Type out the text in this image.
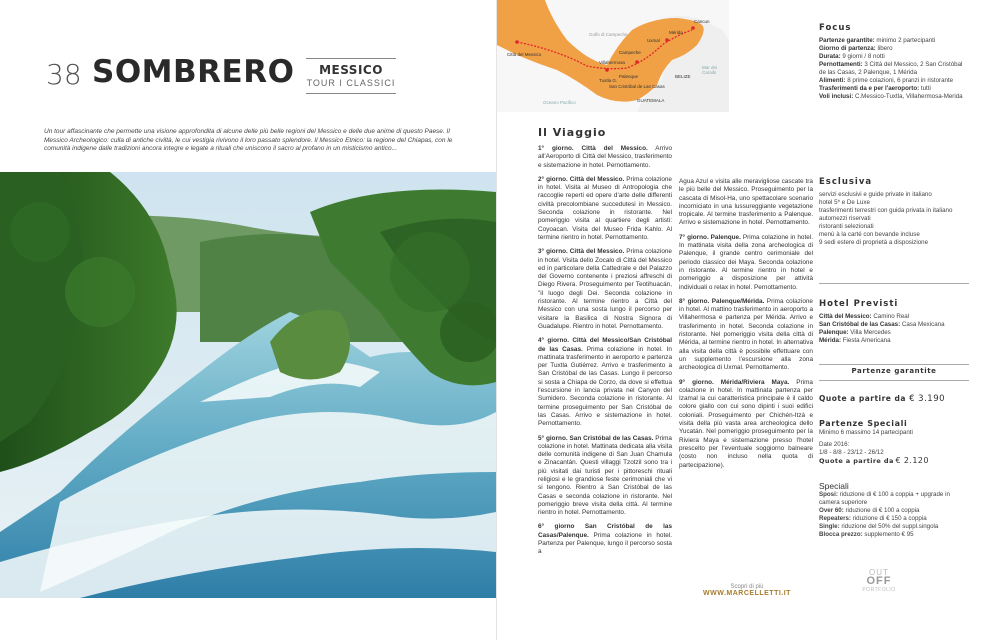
38 SOMBRERO	MESSICO
TOUR I CLASSICI
Un tour affascinante che permette una visione approfondita di alcune delle più belle regioni del Messico e delle due anime di questo Paese. Il Messico Archeologico: culla di antiche civiltà, le cui vestigia rivivono il loro passato splendore. Il Messico Etnico: la regione del Chiapas, con le comunità indigene dalle tradizioni ancora integre e legate a rituali che uniscono il sacro al profano in un misticismo antico...
Cancun
Mérida
Uxmal
Campeche
Golfo di Campeche
Città del Messico
Villahermosa
Palenque
San Cristóbal de Las Casas
Tuxtla G.
BELIZE
GUATEMALA
Oceano Pacifico
Mar dei Caraibi
Il Viaggio

1° giorno. Città del Messico. Arrivo all'Aeroporto di Città del Messico, trasferimento e sistemazione in hotel. Pernottamento.

2° giorno. Città del Messico. Prima colazione in hotel. Visita al Museo di Antropologia che raccoglie reperti ed opere d'arte delle differenti civiltà precolombiane succedutesi in Messico. Seconda colazione in ristorante. Nel pomeriggio visita al quartiere degli artisti: Coyoacan. Visita del Museo Frida Kahlo. Al termine rientro in hotel. Pernottamento.

3° giorno. Città del Messico. Prima colazione in hotel. Visita dello Zocalo di Città del Messico ed in particolare della Cattedrale e del Palazzo del Governo contenente i preziosi affreschi di Diego Rivera. Proseguimento per Teotihuacán, "il luogo degli Dei. Seconda colazione in ristorante. Al termine rientro a Città del Messico con una sosta lungo il percorso per visitare la Basilica di Nostra Signora di Guadalupe. Rientro in hotel. Pernottamento.

4° giorno. Città del Messico/San Cristóbal de las Casas. Prima colazione in hotel. In mattinata trasferimento in aeroporto e partenza per Tuxtla Gutiérrez. Arrivo e trasferimento a San Cristóbal de las Casas. Lungo il percorso si sosta a Chiapa de Corzo, da dove si effettua l'escursione in lancia privata nel Canyon del Sumidero. Seconda colazione in ristorante. Al termine proseguimento per San Cristóbal de las Casas. Arrivo e sistemazione in hotel. Pernottamento.

5° giorno. San Cristóbal de las Casas. Prima colazione in hotel. Mattinata dedicata alla visita delle comunità indigene di San Juan Chamula e Zinacantán. Questi villaggi Tzotzil sono tra i più visitati dai turisti per i pittoreschi rituali religiosi e le grandiose feste cerimoniali che vi si tengono. Rientro a San Cristóbal de las Casas e seconda colazione in ristorante. Nel pomeriggio breve visita della città. Al termine rientro in hotel. Pernottamento.

6° giorno San Cristóbal de las Casas/Palenque. Prima colazione in hotel. Partenza per Palenque, lungo il percorso sosta a

Agua Azul e visita alle meravigliose cascate tra le più belle del Messico. Proseguimento per la cascata di Misol-Ha, uno spettacolare scenario incorniciato in una lussureggiante vegetazione tropicale. Al termine trasferimento a Palenque. Arrivo e sistemazione in hotel. Pernottamento.

7° giorno. Palenque. Prima colazione in hotel. In mattinata visita della zona archeologica di Palenque, il grande centro cerimoniale del periodo classico dei Maya. Seconda colazione in ristorante. Al termine rientro in hotel e pomeriggio a disposizione per attività individuali o relax in hotel. Pernottamento.

8° giorno. Palenque/Mérida. Prima colazione in hotel. Al mattino trasferimento in aeroporto a Villahermosa e partenza per Mérida. Arrivo e trasferimento in hotel. Seconda colazione in ristorante. Nel pomeriggio visita della città di Mérida, al termine rientro in hotel. In alternativa alla visita della città è possibile effettuare con un supplemento l'escursione alla zona archeologica di Uxmal. Pernottamento.

9° giorno. Mérida/Riviera Maya. Prima colazione in hotel. In mattinata partenza per Izamal la cui caratteristica principale è il caldo colore giallo con cui sono dipinti i suoi edifici coloniali. Proseguimento per Chichén-Itzá e visita della più vasta area archeologica dello Yucatán. Nel pomeriggio proseguimento per la Riviera Maya e sistemazione presso l'hotel prescelto per l'eventuale soggiorno balneare (costo non incluso nella quota di partecipazione).

Focus
Partenze garantite: minimo 2 partecipanti
Giorno di partenza: libero
Durata: 9 giorni / 8 notti
Pernottamenti: 3 Città del Messico, 2 San Cristóbal de las Casas, 2 Palenque, 1 Mérida
Alimenti: 8 prime colazioni, 6 pranzi in ristorante
Trasferimenti da e per l'aeroporto: tutti
Voli inclusi: C.Messico-Tuxtla, Villahermosa-Merida
Esclusiva
servizi esclusivi e guide private in italiano
hotel 5* e De Luxe
trasferimenti terrestri con guida privata in italiano
automezzi riservati
ristoranti selezionati
menù à la carté con bevande incluse
9 sedi estere di proprietà a disposizione
Hotel Previsti
Città del Messico: Camino Real
San Cristóbal de las Casas: Casa Mexicana
Palenque: Villa Mercedes
Mérida: Fiesta Americana
Partenze garantite
Quote a partire da € 3.190
Partenze Speciali
Minimo 6 massimo 14 partecipanti
Date 2016:
1/8 - 8/8 - 23/12 - 26/12
Quote a partire da € 2.120
Speciali
Sposi: riduzione di € 100 a coppia + upgrade in camera superiore
Over 60: riduzione di € 100 a coppia
Repeaters: riduzione di € 150 a coppia
Single: riduzione del 50% del suppl.singola
Blocca prezzo: supplemento € 95
Scopri di più
WWW.MARCELLETTI.IT
OUT
OFF
PORTFOLIO
